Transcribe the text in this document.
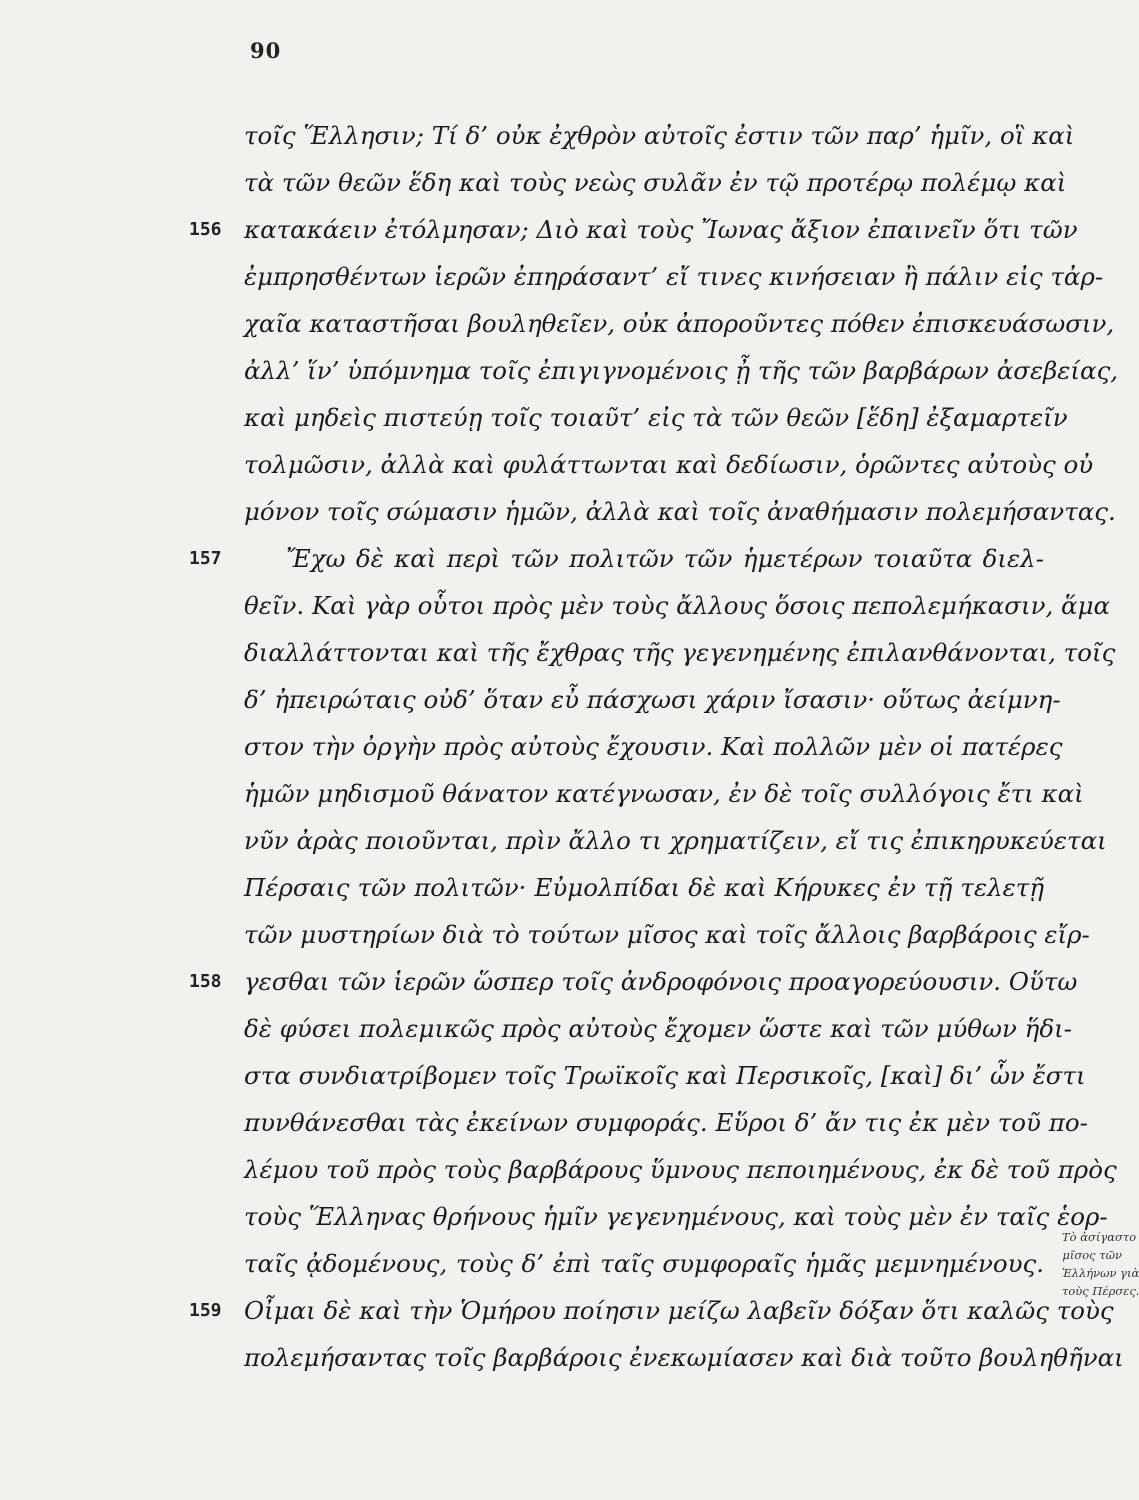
90
τοῖς Ἕλλησιν; Τί δ’ οὐκ ἐχθρὸν αὐτοῖς ἐστιν τῶν παρ’ ἡμῖν, οἳ καὶ
τὰ τῶν θεῶν ἕδη καὶ τοὺς νεὼς συλᾶν ἐν τῷ προτέρῳ πολέμῳ καὶ
156 κατακάειν ἐτόλμησαν; Διὸ καὶ τοὺς Ἴωνας ἄξιον ἐπαινεῖν ὅτι τῶν
ἐμπρησθέντων ἱερῶν ἐπηράσαντ’ εἴ τινες κινήσειαν ἢ πάλιν εἰς τἀρ-
χαῖα καταστῆσαι βουληθεῖεν, οὐκ ἀποροῦντες πόθεν ἐπισκευάσωσιν,
ἀλλ’ ἵν’ ὑπόμνημα τοῖς ἐπιγιγνομένοις ᾖ τῆς τῶν βαρβάρων ἀσεβείας,
καὶ μηδεὶς πιστεύῃ τοῖς τοιαῦτ’ εἰς τὰ τῶν θεῶν [ἕδη] ἐξαμαρτεῖν
τολμῶσιν, ἀλλὰ καὶ φυλάττωνται καὶ δεδίωσιν, ὁρῶντες αὐτοὺς οὐ
μόνον τοῖς σώμασιν ἡμῶν, ἀλλὰ καὶ τοῖς ἀναθήμασιν πολεμήσαντας.
157	Ἔχω δὲ καὶ περὶ τῶν πολιτῶν τῶν ἡμετέρων τοιαῦτα διελ-
θεῖν. Καὶ γὰρ οὗτοι πρὸς μὲν τοὺς ἄλλους ὅσοις πεπολεμήκασιν, ἅμα
διαλλάττονται καὶ τῆς ἔχθρας τῆς γεγενημένης ἐπιλανθάνονται, τοῖς
δ’ ἠπειρώταις οὐδ’ ὅταν εὖ πάσχωσι χάριν ἴσασιν· οὕτως ἀείμνη-
στον τὴν ὀργὴν πρὸς αὐτοὺς ἔχουσιν. Καὶ πολλῶν μὲν οἱ πατέρες
ἡμῶν μηδισμοῦ θάνατον κατέγνωσαν, ἐν δὲ τοῖς συλλόγοις ἔτι καὶ
νῦν ἀρὰς ποιοῦνται, πρὶν ἄλλο τι χρηματίζειν, εἴ τις ἐπικηρυκεύεται
Πέρσαις τῶν πολιτῶν· Εὐμολπίδαι δὲ καὶ Κήρυκες ἐν τῇ τελετῇ
τῶν μυστηρίων διὰ τὸ τούτων μῖσος καὶ τοῖς ἄλλοις βαρβάροις εἴρ-
158 γεσθαι τῶν ἱερῶν ὥσπερ τοῖς ἀνδροφόνοις προαγορεύουσιν. Οὕτω
δὲ φύσει πολεμικῶς πρὸς αὐτοὺς ἔχομεν ὥστε καὶ τῶν μύθων ἥδι-
στα συνδιατρίβομεν τοῖς Τρωϊκοῖς καὶ Περσικοῖς, [καὶ] δι’ ὧν ἔστι
πυνθάνεσθαι τὰς ἐκείνων συμφοράς. Εὕροι δ’ ἄν τις ἐκ μὲν τοῦ πο-
λέμου τοῦ πρὸς τοὺς βαρβάρους ὕμνους πεποιημένους, ἐκ δὲ τοῦ πρὸς
τοὺς Ἕλληνας θρήνους ἡμῖν γεγενημένους, καὶ τοὺς μὲν ἐν ταῖς ἑορ-
ταῖς ᾀδομένους, τοὺς δ’ ἐπὶ ταῖς συμφοραῖς ἡμᾶς μεμνημένους.
159 Οἶμαι δὲ καὶ τὴν Ὁμήρου ποίησιν μείζω λαβεῖν δόξαν ὅτι καλῶς τοὺς
πολεμήσαντας τοῖς βαρβάροις ἐνεκωμίασεν καὶ διὰ τοῦτο βουληθῆναι
Τὸ ἀσίγαστο
μῖσος τῶν
Ἑλλήνων γιὰ
τοὺς Πέρσες.
